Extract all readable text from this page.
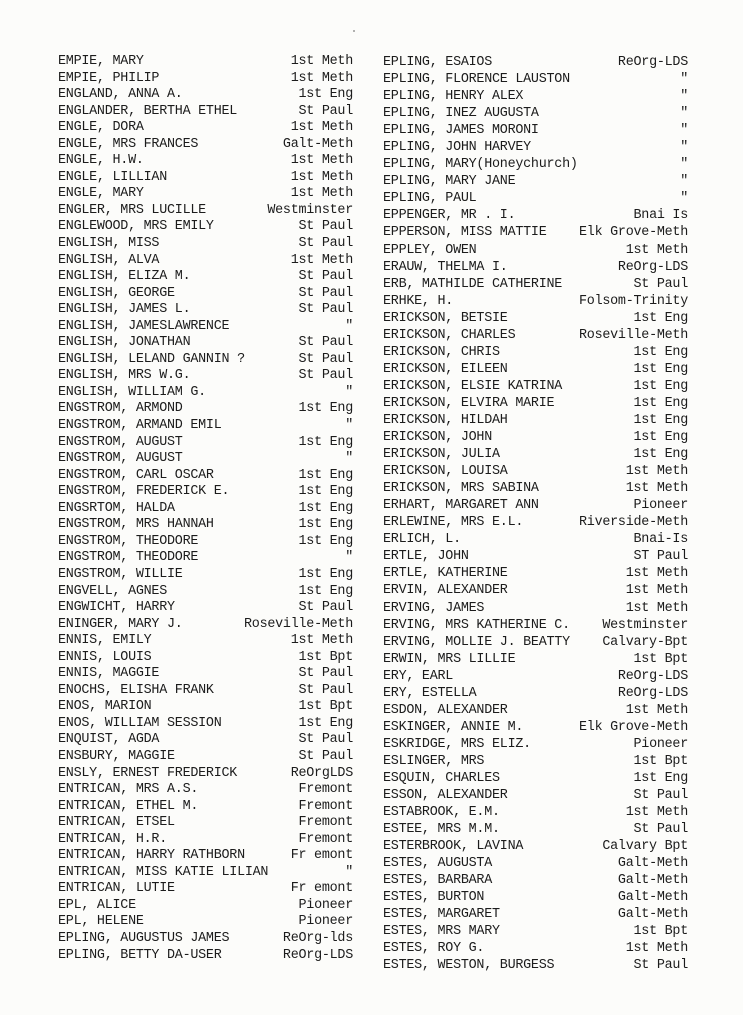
EMPIE, MARY	1st Meth
EMPIE, PHILIP	1st Meth
ENGLAND, ANNA A.	1st Eng
ENGLANDER, BERTHA ETHEL	St Paul
ENGLE, DORA	1st Meth
ENGLE, MRS FRANCES	Galt-Meth
ENGLE, H.W.	1st Meth
ENGLE, LILLIAN	1st Meth
ENGLE, MARY	1st Meth
ENGLER, MRS LUCILLE	Westminster
ENGLEWOOD, MRS EMILY	St Paul
ENGLISH, MISS	St Paul
ENGLISH, ALVA	1st Meth
ENGLISH, ELIZA M.	St Paul
ENGLISH, GEORGE	St Paul
ENGLISH, JAMES L.	St Paul
ENGLISH, JAMESLAWRENCE	"
ENGLISH, JONATHAN	St Paul
ENGLISH, LELAND GANNIN ?	St Paul
ENGLISH, MRS W.G.	St Paul
ENGLISH, WILLIAM G.	"
ENGSTROM, ARMOND	1st Eng
ENGSTROM, ARMAND EMIL	"
ENGSTROM, AUGUST	1st Eng
ENGSTROM, AUGUST	"
ENGSTROM, CARL OSCAR	1st Eng
ENGSTROM, FREDERICK E.	1st Eng
ENGSRTOM, HALDA	1st Eng
ENGSTROM, MRS HANNAH	1st Eng
ENGSTROM, THEODORE	1st Eng
ENGSTROM, THEODORE	"
ENGSTROM, WILLIE	1st Eng
ENGVELL, AGNES	1st Eng
ENGWICHT, HARRY	St Paul
ENINGER, MARY J.	Roseville-Meth
ENNIS, EMILY	1st Meth
ENNIS, LOUIS	1st Bpt
ENNIS, MAGGIE	St Paul
ENOCHS, ELISHA FRANK	St Paul
ENOS, MARION	1st Bpt
ENOS, WILLIAM SESSION	1st Eng
ENQUIST, AGDA	St Paul
ENSBURY, MAGGIE	St Paul
ENSLY, ERNEST FREDERICK	ReOrgLDS
ENTRICAN, MRS A.S.	Fremont
ENTRICAN, ETHEL M.	Fremont
ENTRICAN, ETSEL	Fremont
ENTRICAN, H.R.	Fremont
ENTRICAN, HARRY RATHBORN	Fr emont
ENTRICAN, MISS KATIE LILIAN	"
ENTRICAN, LUTIE	Fr emont
EPL, ALICE	Pioneer
EPL, HELENE	Pioneer
EPLING, AUGUSTUS JAMES	ReOrg-lds
EPLING, BETTY DA-USER	ReOrg-LDS
EPLING, ESAIOS	ReOrg-LDS
EPLING, FLORENCE LAUSTON	"
EPLING, HENRY ALEX	"
EPLING, INEZ AUGUSTA	"
EPLING, JAMES MORONI	"
EPLING, JOHN HARVEY	"
EPLING, MARY(Honeychurch)	"
EPLING, MARY JANE	"
EPLING, PAUL	"
EPPENGER, MR . I.	Bnai Is
EPPERSON, MISS MATTIE	Elk Grove-Meth
EPPLEY, OWEN	1st Meth
ERAUW, THELMA I.	ReOrg-LDS
ERB, MATHILDE CATHERINE	St Paul
ERHKE, H.	Folsom-Trinity
ERICKSON, BETSIE	1st Eng
ERICKSON, CHARLES	Roseville-Meth
ERICKSON, CHRIS	1st Eng
ERICKSON, EILEEN	1st Eng
ERICKSON, ELSIE KATRINA	1st Eng
ERICKSON, ELVIRA MARIE	1st Eng
ERICKSON, HILDAH	1st Eng
ERICKSON, JOHN	1st Eng
ERICKSON, JULIA	1st Eng
ERICKSON, LOUISA	1st Meth
ERICKSON, MRS SABINA	1st Meth
ERHART, MARGARET ANN	Pioneer
ERLEWINE, MRS E.L.	Riverside-Meth
ERLICH, L.	Bnai-Is
ERTLE, JOHN	ST Paul
ERTLE, KATHERINE	1st Meth
ERVIN, ALEXANDER	1st Meth
ERVING, JAMES	1st Meth
ERVING, MRS KATHERINE C.	Westminster
ERVING, MOLLIE J. BEATTY	Calvary-Bpt
ERWIN, MRS LILLIE	1st Bpt
ERY, EARL	ReOrg-LDS
ERY, ESTELLA	ReOrg-LDS
ESDON, ALEXANDER	1st Meth
ESKINGER, ANNIE M.	Elk Grove-Meth
ESKRIDGE, MRS ELIZ.	Pioneer
ESLINGER, MRS	1st Bpt
ESQUIN, CHARLES	1st Eng
ESSON, ALEXANDER	St Paul
ESTABROOK, E.M.	1st Meth
ESTEE, MRS M.M.	St Paul
ESTERBROOK, LAVINA	Calvary Bpt
ESTES, AUGUSTA	Galt-Meth
ESTES, BARBARA	Galt-Meth
ESTES, BURTON	Galt-Meth
ESTES, MARGARET	Galt-Meth
ESTES, MRS MARY	1st Bpt
ESTES, ROY G.	1st Meth
ESTES, WESTON, BURGESS	St Paul
